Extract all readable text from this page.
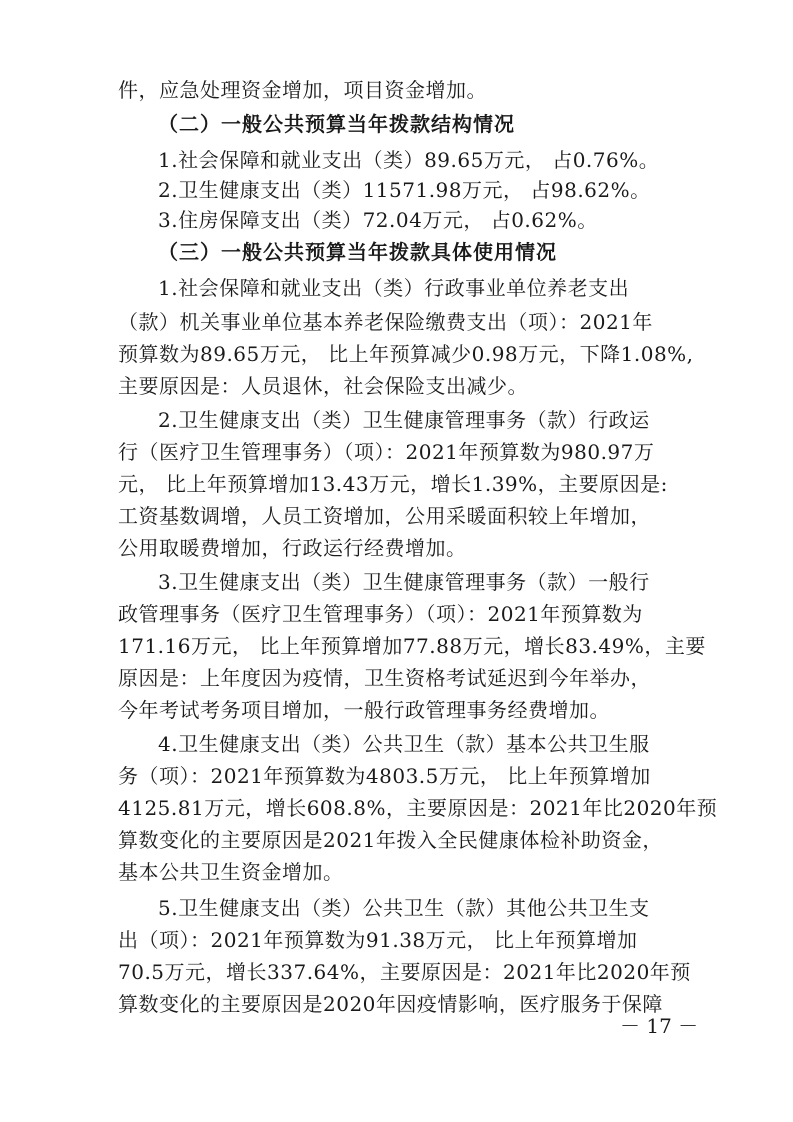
件，应急处理资金增加，项目资金增加。
（二）一般公共预算当年拨款结构情况
1.社会保障和就业支出（类）89.65万元， 占0.76%。
2.卫生健康支出（类）11571.98万元， 占98.62%。
3.住房保障支出（类）72.04万元， 占0.62%。
（三）一般公共预算当年拨款具体使用情况
1.社会保障和就业支出（类）行政事业单位养老支出
（款）机关事业单位基本养老保险缴费支出（项）：2021年
预算数为89.65万元， 比上年预算减少0.98万元，下降1.08%,
主要原因是：人员退休，社会保险支出减少。
2.卫生健康支出（类）卫生健康管理事务（款）行政运
行（医疗卫生管理事务）（项）：2021年预算数为980.97万
元， 比上年预算增加13.43万元，增长1.39%，主要原因是:
工资基数调增，人员工资增加，公用采暖面积较上年增加，
公用取暖费增加，行政运行经费增加。
3.卫生健康支出（类）卫生健康管理事务（款）一般行
政管理事务（医疗卫生管理事务）（项）：2021年预算数为
171.16万元， 比上年预算增加77.88万元，增长83.49%，主要
原因是：上年度因为疫情，卫生资格考试延迟到今年举办，
今年考试考务项目增加，一般行政管理事务经费增加。
4.卫生健康支出（类）公共卫生（款）基本公共卫生服
务（项）：2021年预算数为4803.5万元， 比上年预算增加
4125.81万元，增长608.8%，主要原因是：2021年比2020年预
算数变化的主要原因是2021年拨入全民健康体检补助资金，
基本公共卫生资金增加。
5.卫生健康支出（类）公共卫生（款）其他公共卫生支
出（项）：2021年预算数为91.38万元， 比上年预算增加
70.5万元，增长337.64%，主要原因是：2021年比2020年预
算数变化的主要原因是2020年因疫情影响，医疗服务于保障
－ 17 －
